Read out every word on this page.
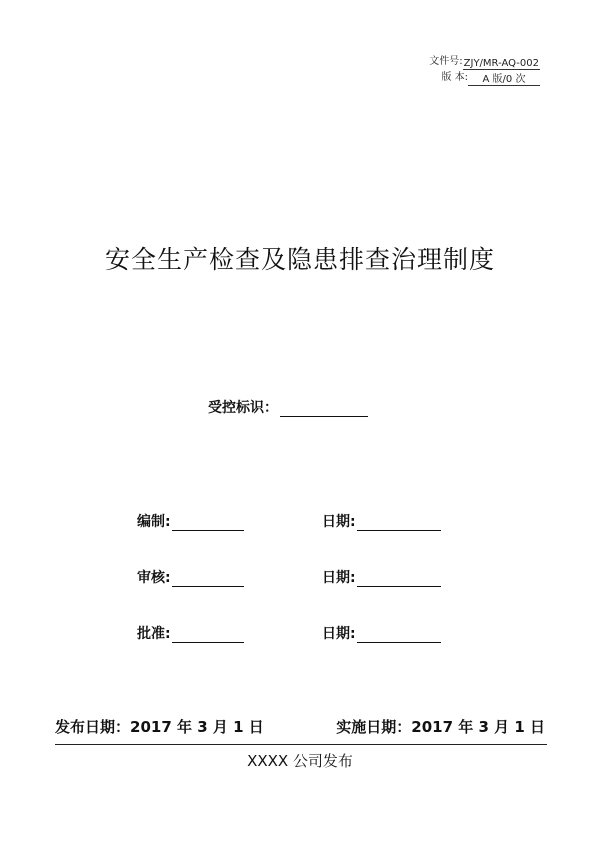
文件号: ZJY/MR-AQ-002
版 本:	A 版/0 次
安全生产检查及隐患排查治理制度
受控标识：
编制:	日期:
审核:	日期:
批准:	日期:
发布日期：2017 年 3 月 1 日	实施日期：2017 年 3 月 1 日
XXXX 公司发布
